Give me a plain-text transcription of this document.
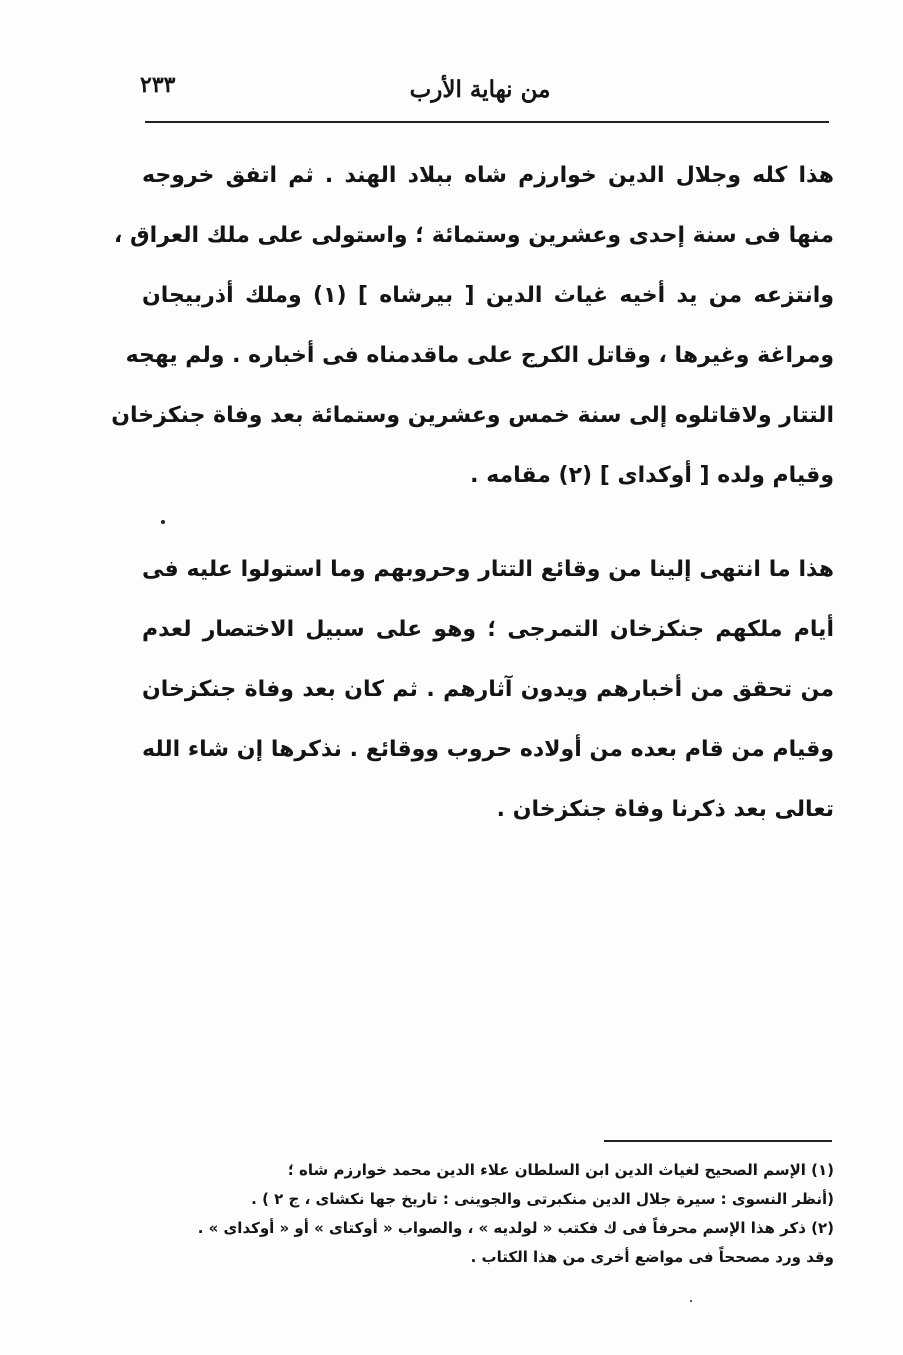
٢٣٣	من نهاية الأرب

هذا كله وجلال الدين خوارزم شاه ببلاد الهند . ثم اتفق خروجه
منها فى سنة إحدى وعشرين وستمائة ؛ واستولى على ملك العراق ،
وانتزعه من يد أخيه غياث الدين [ بيرشاه ] (١) وملك أذربيجان
ومراغة وغيرها ، وقاتل الكرج على ماقدمناه فى أخباره . ولم يهجه
التتار ولاقاتلوه إلى سنة خمس وعشرين وستمائة بعد وفاة جنكزخان
وقيام ولده [ أوكداى ] (٢) مقامه .

هذا ما انتهى إلينا من وقائع التتار وحروبهم وما استولوا عليه فى
أيام ملكهم جنكزخان التمرجى ؛ وهو على سبيل الاختصار لعدم
من تحقق من أخبارهم ويدون آثارهم . ثم كان بعد وفاة جنكزخان
وقيام من قام بعده من أولاده حروب ووقائع . نذكرها إن شاء الله
تعالى بعد ذكرنا وفاة جنكزخان .

(١) الإسم الصحيح لغياث الدين ابن السلطان علاء الدين محمد خوارزم شاه ؛
(أنظر النسوى : سيرة جلال الدين منكبرتى والجوينى : تاريخ جها نكشاى ، ج ٢ ) .
(٢) ذكر هذا الإسم محرفاً فى ك فكتب « لولديه » ، والصواب « أوكتاى » أو « أوكداى » .
وقد ورد مصححاً فى مواضع أخرى من هذا الكتاب .
